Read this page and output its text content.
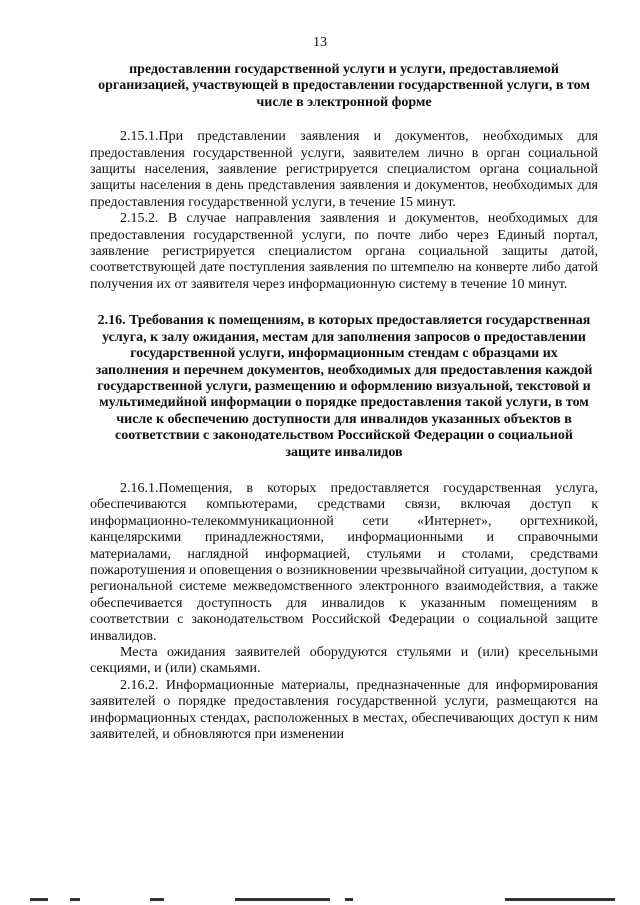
13

предоставлении государственной услуги и услуги, предоставляемой организацией, участвующей в предоставлении государственной услуги, в том числе в электронной форме

2.15.1.При представлении заявления и документов, необходимых для предоставления государственной услуги, заявителем лично в орган социальной защиты населения, заявление регистрируется специалистом органа социальной защиты населения в день представления заявления и документов, необходимых для предоставления государственной услуги, в течение 15 минут.

2.15.2. В случае направления заявления и документов, необходимых для предоставления государственной услуги, по почте либо через Единый портал, заявление регистрируется специалистом органа социальной защиты датой, соответствующей дате поступления заявления по штемпелю на конверте либо датой получения их от заявителя через информационную систему в течение 10 минут.

2.16. Требования к помещениям, в которых предоставляется государственная услуга, к залу ожидания, местам для заполнения запросов о предоставлении государственной услуги, информационным стендам с образцами их заполнения и перечнем документов, необходимых для предоставления каждой государственной услуги, размещению и оформлению визуальной, текстовой и мультимедийной информации о порядке предоставления такой услуги, в том числе к обеспечению доступности для инвалидов указанных объектов в соответствии с законодательством Российской Федерации о социальной защите инвалидов

2.16.1.Помещения, в которых предоставляется государственная услуга, обеспечиваются компьютерами, средствами связи, включая доступ к информационно-телекоммуникационной сети «Интернет», оргтехникой, канцелярскими принадлежностями, информационными и справочными материалами, наглядной информацией, стульями и столами, средствами пожаротушения и оповещения о возникновении чрезвычайной ситуации, доступом к региональной системе межведомственного электронного взаимодействия, а также обеспечивается доступность для инвалидов к указанным помещениям в соответствии с законодательством Российской Федерации о социальной защите инвалидов.

Места ожидания заявителей оборудуются стульями и (или) кресельными секциями, и (или) скамьями.

2.16.2. Информационные материалы, предназначенные для информирования заявителей о порядке предоставления государственной услуги, размещаются на информационных стендах, расположенных в местах, обеспечивающих доступ к ним заявителей, и обновляются при изменении
